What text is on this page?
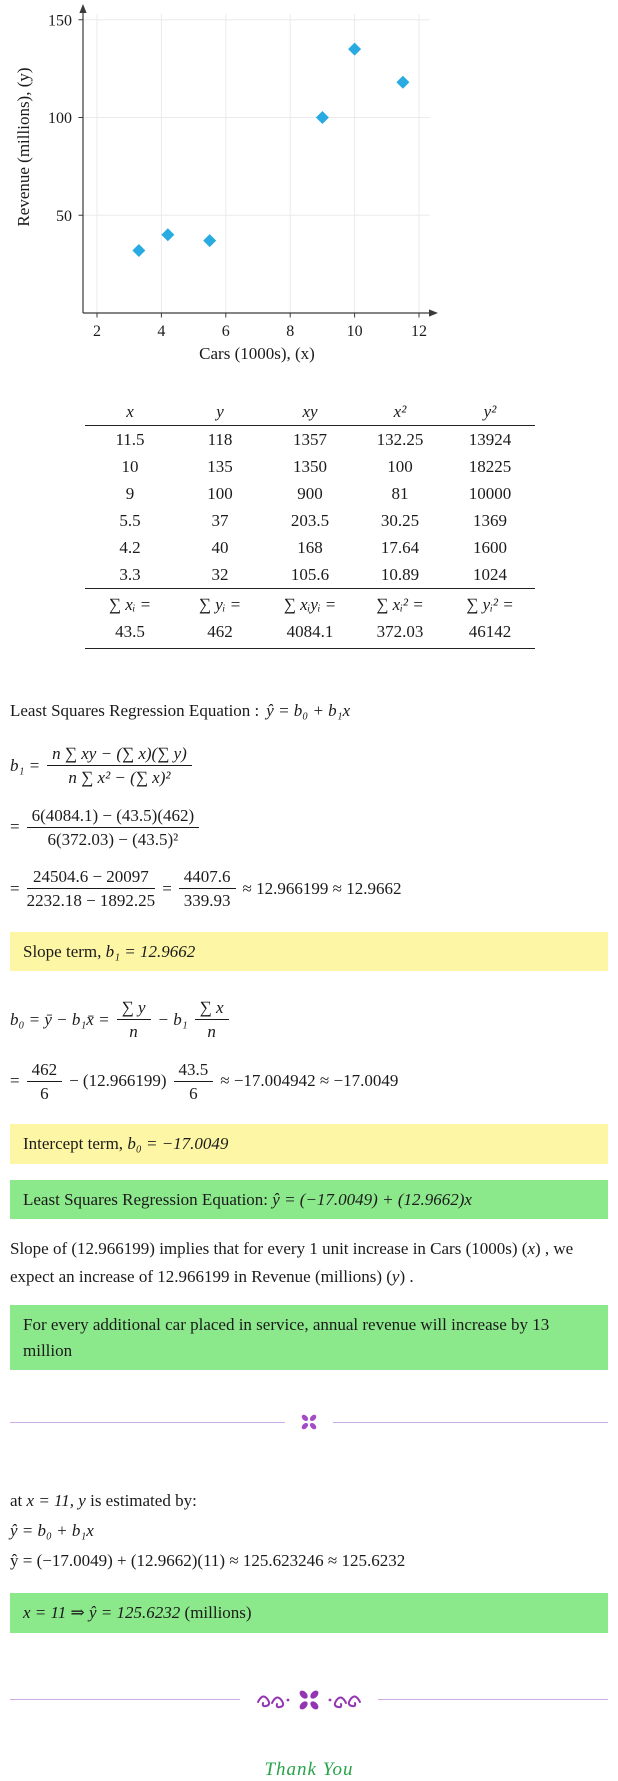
2	4	6	8	10	12
50
100
150
Cars (1000s), (x)
Revenue (millions), (y)
x	y	xy	x²	y²
11.5	118	1357	132.25	13924
10	135	1350	100	18225
9	100	900	81	10000
5.5	37	203.5	30.25	1369
4.2	40	168	17.64	1600
3.3	32	105.6	10.89	1024
∑ xᵢ =	∑ yᵢ =	∑ xᵢyᵢ =	∑ xᵢ² =	∑ yᵢ² =
43.5	462	4084.1	372.03	46142
Least Squares Regression Equation : ŷ = b₀ + b₁x
$b_1 = \frac{n \sum xy - (\sum x)(\sum y)}{\text{n ∑ x² − (∑ x)²}}$
= $\frac{6(4084.1) - (43.5)(462)}{\text{6(372.03) − (43.5)²}}$
= $\frac{24504.6 - 20097}{2232.18 - 1892.25} = \frac{4407.6}{339.93} \approx 12.966199 \approx 12.9662$
Slope term, b₁ = 12.9662
b₀ = ȳ − b₁x̄ = $\frac{\sum y}{n} - b_1 \frac{\sum x}{n}$
= $\frac{462}{6} - (12.966199) \frac{43.5}{6} \approx -17.004942 \approx -17.0049$
Intercept term, b₀ = −17.0049
Least Squares Regression Equation: ŷ = (−17.0049) + (12.9662)x
Slope of (12.966199) implies that for every 1 unit increase in Cars (1000s) (x) , we expect an increase of 12.966199 in Revenue (millions) (y) .
For every additional car placed in service, annual revenue will increase by 13 million
at x = 11, y is estimated by:
ŷ = b₀ + b₁x
ŷ = (−17.0049) + (12.9662)(11) ≈ 125.623246 ≈ 125.6232
x = 11 ⇒ ŷ = 125.6232 (millions)
Thank You
